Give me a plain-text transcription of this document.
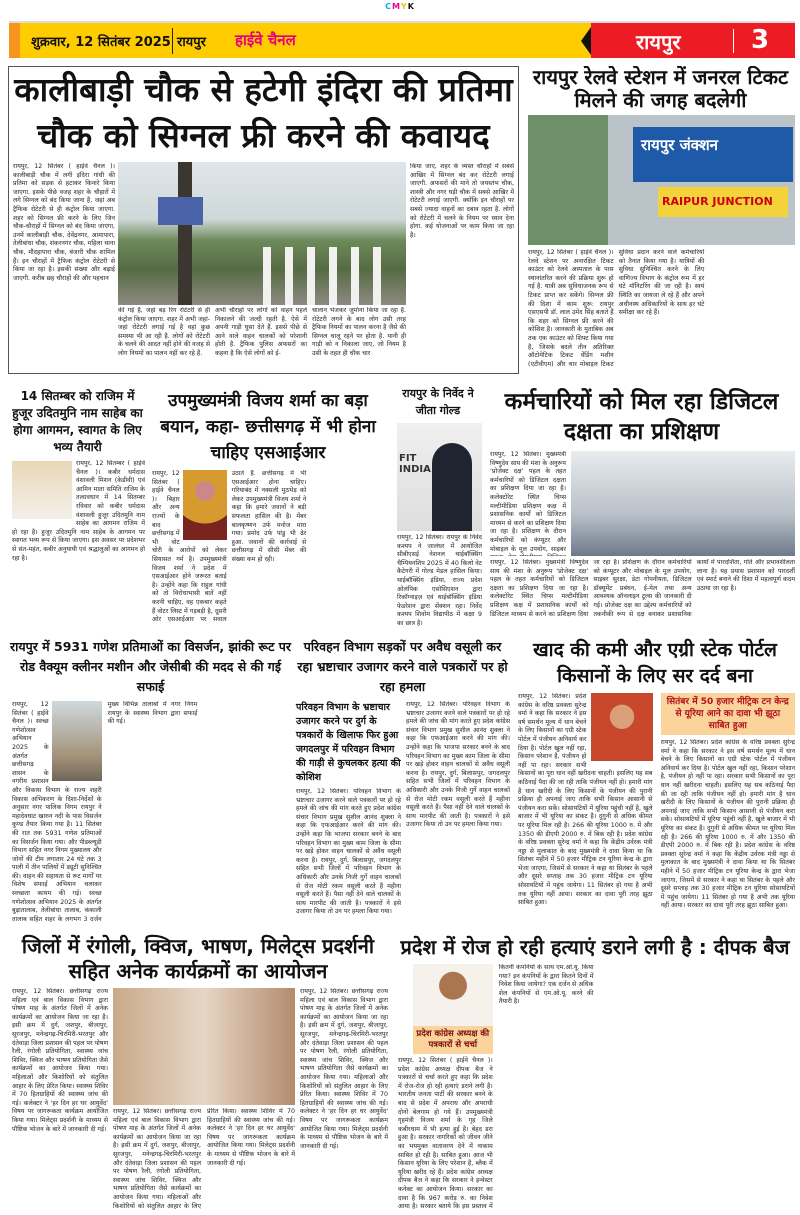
CMYK
शुक्रवार, 12 सितंबर 2025 रायपुर हाईवे चैनल	रायपुर	3
कालीबाड़ी चौक से हटेगी इंदिरा की प्रतिमा
चौक को सिग्नल फ्री करने की कवायद
रायपुर, 12 सितंबर ( हाईवे चैनल )। कालीबाड़ी चौक में लगी इंदिरा गांधी की प्रतिमा को सड़क से हटाकर किनारे किया जाएगा. इसके पीछे वजह शहर के चौहारों में लगे सिग्नल को बंद किया जाना है, जहां अब ट्रैफिक रोटेटरी से ही कंट्रोल किया जाएगा. शहर को सिग्नल फ्री करने के लिए जिन चौक-चौराहों में सिग्नल को बंद किया जाएगा, उनमें कालीबाड़ी चौक, देवेंद्रनगर, आमापारा, तेलीबांधा चौक, शंकरनगर चौक, महिला थाना चौक, मौदहापारा चौक, बंजारी चौक शामिल हैं। इन चौराहों में ट्रैफिक कंट्रोल रोटेटरी से किया जा रहा है। इसकी संख्या और बढ़ाई जाएगी. करीब छह चौराहों की और पहचान
की गई है, जहां बड़ रिंग रोटेटरी से ही कंट्रोल किया जाएगा. शहर में अभी जहां-जहां रोटेटरी लगाई गई है वहां कुछ समस्या भी आ रही है. लोगों को रोटेटरी के चलने की आदत नहीं होने की वजह से लोग नियमों का पालन नहीं कर रहे हैं.
अभी चौराहों पर लोगों को वाहन पहले निकालने की जल्दी रहती है. ऐसे में अपनी गाड़ी घुसा देते हैं. इससे पीछे से आने वाले वाहन चालकों को परेशानी होती है. ट्रैफिक पुलिस अफसरों का कहना है कि ऐसे लोगों को ई-
चालान भेजकर जुर्माना किया जा रहा है. रोटेटरी लगने के बाद लोग उसी तरह ट्रैफिक नियमों का पालन करना है जैसे की सिग्नल चालू रहने पर होता है. यानी ही गाड़ी को न निकाला जाए, जो नियम है उसी के तहत ही चौक चार
किया जाए, शहर के व्यस्त चौराहों में सबसे आखिर में सिग्नल बंद कर रोटेटरी लगाई जाएगी. अफसरों की माने तो जयस्तंभ चौक, शास्त्री और नगर घड़ी चौक में सबसे आखिर में रोटेटरी लगाई जाएगी. क्योंकि इन चौराहों पर सबसे ज्यादा वाहनों का दबाव रहता है. लोगों को रोटेटरी में चलने के नियम पर ध्यान देना होगा. कई योजनाओं पर काम किया जा रहा है।
रायपुर रेलवे स्टेशन में जनरल टिकट मिलने की जगह बदलेगी
रायपुर जंक्शन
RAIPUR JUNCTION
रायपुर, 12 सितंबर ( हाईवे चैनल )। रेलवे स्टेशन पर अनारक्षित टिकट काउंटर को रेलवे अस्पताल के पास स्थानांतरित करने की प्रक्रिया शुरू हो गई है. यात्री अब सुविधाजनक रूप से टिकट प्राप्त कर सकेंगे। सिग्नल फ्री की दिशा में काम शुरू: रायपुर एसएसपी डॉ. लाल उमेद सिंह बताते हैं कि शहर को सिग्नल फ्री करने की कोशिश है। जानकारी के मुताबिक अब तक एक काउंटर को शिफ्ट किया गया है, जिसके बदले तीन अतिरिक्त ऑटोमेटिक टिकट वेंडिंग मशीन (एटीवीएम) और चार मोबाइल टिकट सुविधा प्रदान करने वाले कर्मचारियों को तैनात किया गया है। यात्रियों की सुविधा सुनिश्चित करने के लिए वाणिज्य विभाग के कंट्रोल रूम में हर घंटे मॉनिटरिंग की जा रही है। स्वयं स्थिति का जायजा ले रहे हैं और अपने अधीनस्थ अधिकारियों के साथ हर घंटे समीक्षा कर रहे हैं।
14 सितम्बर को राजिम में हुजूर उदितमुनि नाम साहेब का होगा आगमन, स्वागत के लिए भव्य तैयारी
रायपुर, 12 सितम्बर ( हाईवे चैनल )। कबीर धर्मदास वंशावली मिशन (केडीवी) एवं आमिन माता समिति राजिम के तत्वावधान में 14 सितम्बर रविवार को कबीर धर्मदास वंशावली हुजूर उदितमुनि नाम साहेब का आगमन राजिम में हो रहा है। हुजूर उदितमुनि नाम साहेब के आगमन पर स्वागत भव्य रूप से किया जाएगा। इस अवसर पर प्रदेशभर से संत-महंत, कबीर अनुयायी एवं श्रद्धालुओं का आगमन हो रहा है।
उपमुख्यमंत्री विजय शर्मा का बड़ा बयान, कहा- छत्तीसगढ़ में भी होना चाहिए एसआईआर
रायपुर, 12 सितंबर ( हाईवे चैनल )। बिहार और अन्य राज्यों के बाद छत्तीसगढ़ में भी वोट चोरी के आरोपों को लेकर सियासत गर्म है। उपमुख्यमंत्री विजय शर्मा ने प्रदेश में एसआईआर होने जरूरत बताई है। उन्होंने कहा कि राहुल गांधी को तो विरोधाभासी बातें नहीं करनी चाहिए, वह एकबार कहते हैं वोटर लिस्ट में गड़बड़ी है, दूसरी ओर एसआईआर पर सवाल उठाते हैं. छत्तीसगढ़ में भी एसआईआर होना चाहिए। गरियाबंद में नक्सली मुठभेड़ को लेकर उपमुख्यमंत्री विजय शर्मा ने कहा कि हमारे जवानों ने बड़ी सफलता हासिल की है। मेंबर बालकृष्णन उर्फ मनोज मारा गया। प्रमोद उर्फ पांडु भी ढेर हुआ. जवानों की कार्रवाई से छत्तीसगढ़ में सीसी मेंबर की संख्या कम हो रही।
रायपुर के निर्वेद ने जीता गोल्ड
FIT INDIA
रायपुर, 12 सितंबर। रायपुर के निर्वेद कश्यप ने जालंधर में आयोजित सीबीएसई नेशनल थाईबॉक्सिंग चैम्पियनशिप 2025 में 40 किलो वेट कैटेगरी में गोल्ड मेडल हासिल किया। थाईबॉक्सिंग इंडिया, राज्य प्रदेश ओलंपिक एसोसिएशन द्वारा रिकॉग्नाइज़ एवं थाईबॉक्सिंग इंडिया फेडरेशन द्वारा सेंक्शन रहा। निर्वेद कश्यप शिवोम विद्यापीठ में कक्षा 9 का छात्र है।
कर्मचारियों को मिल रहा डिजिटल दक्षता का प्रशिक्षण
रायपुर, 12 सितंबर। मुख्यमंत्री विष्णुदेव साय की मंशा के अनुरूप ‘प्रोजेक्ट दक्ष’ पहल के तहत कर्मचारियों को डिजिटल दक्षता का प्रशिक्षण दिया जा रहा है। कलेक्टोरेट स्थित चिप्स मल्टीमीडिया प्रशिक्षण कक्ष में प्रशासनिक कार्यों को डिजिटल माध्यम से करने का प्रशिक्षण दिया जा रहा है। प्रशिक्षण के दौरान कर्मचारियों को कंप्यूटर और मोबाइल के मूल उपयोग, साइबर
रायपुर, 12 सितंबर। मुख्यमंत्री विष्णुदेव साय की मंशा के अनुरूप ‘प्रोजेक्ट दक्ष’ पहल के तहत कर्मचारियों को डिजिटल दक्षता का प्रशिक्षण दिया जा रहा है। कलेक्टोरेट स्थित चिप्स मल्टीमीडिया प्रशिक्षण कक्ष में प्रशासनिक कार्यों को डिजिटल माध्यम से करने का प्रशिक्षण दिया जा रहा है। प्रशिक्षण के दौरान कर्मचारियों को कंप्यूटर और मोबाइल के मूल उपयोग, साइबर सुरक्षा, डेटा गोपनीयता, डिजिटल डॉक्यूमेंट प्रबंधन, ई-मेल तथा अन्य आवश्यक ऑनलाइन टूल्स की जानकारी दी गई। प्रोजेक्ट दक्ष का उद्देश्य कर्मचारियों को तकनीकी रूप से दक्ष बनाकर प्रशासनिक कार्यों में पारदर्शिता, गति और प्रभावशीलता लाना है। यह प्रयास प्रशासन को पारदर्शी एवं स्मार्ट बनाने की दिशा में महत्वपूर्ण कदम उठाया जा रहा है।
रायपुर में 5931 गणेश प्रतिमाओं का विसर्जन, झांकी रूट पर रोड वैक्यूम क्लीनर मशीन और जेसीबी की मदद से की गई सफाई
रायपुर, 12 सितंबर ( हाईवे चैनल )। स्वच्छ गणेशोत्सव अभियान 2025 के अंतर्गत छत्तीसगढ़ शासन के नगरीय प्रशासन और विकास विभाग के राज्य शहरी विकास अभिकरण के दिशा-निर्देशों के अनुसार नगर पालिक निगम रायपुर ने महादेवघाट खारुन नदी के पास विसर्जन कुण्ड तैयार किया गया है। 11 सितंबर की रात तक 5931 गणेश प्रतिमाओं का विसर्जन किया गया। और पीडब्ल्यूडी विभाग सहित नगर निगम मुख्यालय और जोनों की टीम लगातार 24 घंटे तक 3 पाली में तीन पालियों में ड्यूटी सुनिश्चित की। वाहन की सहायता से रूट मार्गों पर विशेष सफाई अभियान चलाकर स्वच्छता कायम की गई। स्वच्छ गणेशोत्सव अभियान 2025 के अंतर्गत बुढ़ातालाब, तेलीबांधा तालाब, कंकाली तालाब सहित शहर के लगभग 3 दर्जन मुख्य विभिन्न तालाबों में नगर निगम रायपुर के स्वास्थ्य विभाग द्वारा सफाई की गई।
परिवहन विभाग सड़कों पर अवैध वसूली कर रहा भ्रष्टाचार उजागर करने वाले पत्रकारों पर हो रहा हमला
परिवहन विभाग के भ्रष्टाचार उजागर करने पर दुर्ग के पत्रकारों के खिलाफ फिर हुआ जगदलपुर में परिवहन विभाग की गाड़ी से कुचलकर हत्या की कोशिश
रायपुर, 12 सितंबर। परिवहन विभाग के भ्रष्टाचार उजागर करने वाले पत्रकारों पर हो रहे हमले की जांच की मांग करते हुए प्रदेश कांग्रेस संचार विभाग प्रमुख सुशील आनंद शुक्ला ने कहा कि एफआईआर करने की मांग की। उन्होंने कहा कि भाजपा सरकार बनने के बाद परिवहन विभाग का मुख्य काम जिला के सीमा पर खड़े होकर वाहन चालकों से अवैध वसूली करना है। रायपुर, दुर्ग, बिलासपुर, जगदलपुर सहित सभी जिलों में परिवहन विभाग के अधिकारी और उनके निजी गुर्गे वाहन चालकों से रोज मोटी रकम वसूली करते हैं महीना वसूली करते हैं। पैसा नहीं देने वाले चालकों के साथ मारपीट की जाती है। पत्रकारों ने इसे उजागर किया तो उन पर हमला किया गया।
रायपुर, 12 सितंबर। परिवहन विभाग के भ्रष्टाचार उजागर करने वाले पत्रकारों पर हो रहे हमले की जांच की मांग करते हुए प्रदेश कांग्रेस संचार विभाग प्रमुख सुशील आनंद शुक्ला ने कहा कि एफआईआर करने की मांग की। उन्होंने कहा कि भाजपा सरकार बनने के बाद परिवहन विभाग का मुख्य काम जिला के सीमा पर खड़े होकर वाहन चालकों से अवैध वसूली करना है। रायपुर, दुर्ग, बिलासपुर, जगदलपुर सहित सभी जिलों में परिवहन विभाग के अधिकारी और उनके निजी गुर्गे वाहन चालकों से रोज मोटी रकम वसूली करते हैं महीना वसूली करते हैं। पैसा नहीं देने वाले चालकों के साथ मारपीट की जाती है। पत्रकारों ने इसे उजागर किया तो उन पर हमला किया गया।
खाद की कमी और एग्री स्टेक पोर्टल किसानों के लिए सर दर्द बना
रायपुर, 12 सितंबर। प्रदेश कांग्रेस के वरिष्ठ प्रवक्ता सुरेन्द्र वर्मा ने कहा कि सरकार ने इस वर्ष समर्थन मूल्य में धान बेचने के लिए किसानों का एग्री स्टेक पोर्टल में पंजीयन अनिवार्य कर दिया है। पोर्टल खुल नहीं रहा, किसान परेशान है, पंजीयन हो नहीं पा रहा। सरकार सभी किसानों का पूरा धान नहीं खरीदना चाहती। इसलिए यह सब कठिनाई पैदा की जा रही ताकि पंजीयन नहीं हो। हमारी मांग है धान खरीदी के लिए किसानों के पंजीयन की पुरानी प्रक्रिया ही अपनाई जाए ताकि सभी किसान आसानी से पंजीयन करा सकें। सोसायटियों में यूरिया पहुंची नहीं है, खुले बाजार में भी यूरिया का संकट है। दुगुनी से अधिक कीमत पर यूरिया मिल रही है। 266 की यूरिया 1000 रु. में और 1350 की डीएपी 2000 रु. में बिक रही है। प्रदेश कांग्रेस के वरिष्ठ प्रवक्ता सुरेन्द्र वर्मा ने कहा कि केंद्रीय उर्वरक मंत्री नड्डा से मुलाकात के बाद मुख्यमंत्री ने दावा किया था कि सितंबर महीने में 50 हजार मीट्रिक टन यूरिया केन्द्र के द्वारा भेजा जाएगा, जिसमें से सरकार ने कहा था सितंबर के पहले और दूसरे सप्ताह तक 30 हजार मीट्रिक टन यूरिया सोसायटियों में पहुंच जायेगा। 11 सितंबर हो गया है अभी तक यूरिया नहीं आया। सरकार का दावा पूरी तरह झूठा साबित हुआ।
सितंबर में 50 हजार मीट्रिक टन केन्द्र से यूरिया आने का दावा भी झूठा साबित हुआ
रायपुर, 12 सितंबर। प्रदेश कांग्रेस के वरिष्ठ प्रवक्ता सुरेन्द्र वर्मा ने कहा कि सरकार ने इस वर्ष समर्थन मूल्य में धान बेचने के लिए किसानों का एग्री स्टेक पोर्टल में पंजीयन अनिवार्य कर दिया है। पोर्टल खुल नहीं रहा, किसान परेशान है, पंजीयन हो नहीं पा रहा। सरकार सभी किसानों का पूरा धान नहीं खरीदना चाहती। इसलिए यह सब कठिनाई पैदा की जा रही ताकि पंजीयन नहीं हो। हमारी मांग है धान खरीदी के लिए किसानों के पंजीयन की पुरानी प्रक्रिया ही अपनाई जाए ताकि सभी किसान आसानी से पंजीयन करा सकें। सोसायटियों में यूरिया पहुंची नहीं है, खुले बाजार में भी यूरिया का संकट है। दुगुनी से अधिक कीमत पर यूरिया मिल रही है। 266 की यूरिया 1000 रु. में और 1350 की डीएपी 2000 रु. में बिक रही है। प्रदेश कांग्रेस के वरिष्ठ प्रवक्ता सुरेन्द्र वर्मा ने कहा कि केंद्रीय उर्वरक मंत्री नड्डा से मुलाकात के बाद मुख्यमंत्री ने दावा किया था कि सितंबर महीने में 50 हजार मीट्रिक टन यूरिया केन्द्र के द्वारा भेजा जाएगा, जिसमें से सरकार ने कहा था सितंबर के पहले और दूसरे सप्ताह तक 30 हजार मीट्रिक टन यूरिया सोसायटियों में पहुंच जायेगा। 11 सितंबर हो गया है अभी तक यूरिया नहीं आया। सरकार का दावा पूरी तरह झूठा साबित हुआ।
जिलों में रंगोली, क्विज, भाषण, मिलेट्स प्रदर्शनी सहित अनेक कार्यक्रमों का आयोजन
रायपुर, 12 सितंबर। छत्तीसगढ़ राज्य महिला एवं बाल विकास विभाग द्वारा पोषण माह के अंतर्गत जिलों में अनेक कार्यक्रमों का आयोजन किया जा रहा है। इसी क्रम में दुर्ग, जशपुर, बीजापुर, सूरजपुर, मनेन्द्रगढ़-चिरमिरी-भरतपुर और दंतेवाड़ा जिला प्रशासन की पहल पर पोषण रैली, रंगोली प्रतियोगिता, स्वास्थ्य जांच शिविर, क्विज और भाषण प्रतियोगिता जैसे कार्यक्रमों का आयोजन किया गया। महिलाओं और किशोरियों को संतुलित आहार के लिए प्रेरित किया। स्वास्थ्य शिविर में 70 हितग्राहियों की स्वास्थ्य जांच की गई। कलेक्टर ने 'हर दिन हर घर आयुर्वेद' विषय पर जागरूकता कार्यक्रम आयोजित किया गया। मिलेट्स प्रदर्शनी के माध्यम से पौष्टिक भोजन के बारे में जानकारी दी गई।
रायपुर, 12 सितंबर। छत्तीसगढ़ राज्य महिला एवं बाल विकास विभाग द्वारा पोषण माह के अंतर्गत जिलों में अनेक कार्यक्रमों का आयोजन किया जा रहा है। इसी क्रम में दुर्ग, जशपुर, बीजापुर, सूरजपुर, मनेन्द्रगढ़-चिरमिरी-भरतपुर और दंतेवाड़ा जिला प्रशासन की पहल पर पोषण रैली, रंगोली प्रतियोगिता, स्वास्थ्य जांच शिविर, क्विज और भाषण प्रतियोगिता जैसे कार्यक्रमों का आयोजन किया गया। महिलाओं और किशोरियों को संतुलित आहार के लिए प्रेरित किया। स्वास्थ्य शिविर में 70 हितग्राहियों की स्वास्थ्य जांच की गई। कलेक्टर ने 'हर दिन हर घर आयुर्वेद' विषय पर जागरूकता कार्यक्रम आयोजित किया गया। मिलेट्स प्रदर्शनी के माध्यम से पौष्टिक भोजन के बारे में जानकारी दी गई।
रायपुर, 12 सितंबर। छत्तीसगढ़ राज्य महिला एवं बाल विकास विभाग द्वारा पोषण माह के अंतर्गत जिलों में अनेक कार्यक्रमों का आयोजन किया जा रहा है। इसी क्रम में दुर्ग, जशपुर, बीजापुर, सूरजपुर, मनेन्द्रगढ़-चिरमिरी-भरतपुर और दंतेवाड़ा जिला प्रशासन की पहल पर पोषण रैली, रंगोली प्रतियोगिता, स्वास्थ्य जांच शिविर, क्विज और भाषण प्रतियोगिता जैसे कार्यक्रमों का आयोजन किया गया। महिलाओं और किशोरियों को संतुलित आहार के लिए प्रेरित किया। स्वास्थ्य शिविर में 70 हितग्राहियों की स्वास्थ्य जांच की गई। कलेक्टर ने 'हर दिन हर घर आयुर्वेद' विषय पर जागरूकता कार्यक्रम आयोजित किया गया। मिलेट्स प्रदर्शनी के माध्यम से पौष्टिक भोजन के बारे में जानकारी दी गई।
प्रदेश में रोज हो रही हत्याएं डराने लगी है : दीपक बैज
प्रदेश कांग्रेस अध्यक्ष की पत्रकारों से चर्चा
रायपुर, 12 सितंबर ( हाईवे चैनल )। प्रदेश कांग्रेस अध्यक्ष दीपक बैज ने पत्रकारों से चर्चा करते हुए कहा कि प्रदेश में रोज-रोज हो रही हत्याएं डराने लगी है। भारतीय जनता पार्टी की सरकार बनने के बाद से प्रदेश में अपराध और अपराधी दोनों बेलगाम हो गये हैं। उपमुख्यमंत्री गृहमंत्री विजय शर्मा के गृह जिले कबीरधाम में भी हत्या हुई है। बेहद डरा हुआ है। सरकार नागरिकों को जीवन जीने का भयमुक्त वातावरण देने में नाकाम साबित हो रही है। साबित हुआ। आज भी किसान यूरिया के लिए परेशान है, ब्लैक में यूरिया खरीद रहे हैं। प्रदेश कांग्रेस अध्यक्ष दीपक बैज ने कहा कि सरकार ने इन्वेस्टर कनेक्ट का आयोजन किया। सरकार का दावा है कि 967 करोड़ रु. का निवेश आया है। सरकार बताये कि इस प्रस्ताव में कितनी कंपनियों के साथ एम.ओ.यू. किया गया? इन कंपनियों के द्वारा कितने दिनों में निवेश किया जायेगा? एक दर्जन से अधिक शेल कंपनियों से एम.ओ.यू. करने की तैयारी है।
